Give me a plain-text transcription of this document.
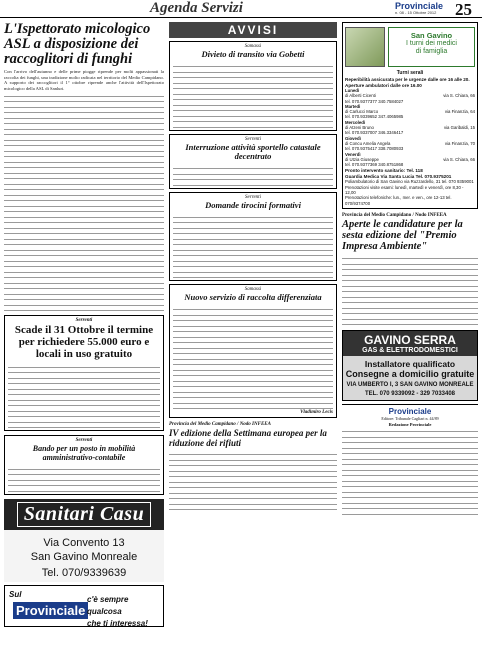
Agenda Servizi	Provinciale
n. 08 - 15 Ottobre 2012 25
L'Ispettorato micologico ASL a disposizione dei raccoglitori di funghi
Con l'arrivo dell'autunno e delle prime piogge riprende per molti appassionati la raccolta dei funghi, una tradizione molto radicata nel territorio del Medio Campidano. A supporto dei raccoglitori il 1° ottobre riprende anche l'attività dell'Ispettorato micologico della ASL di Sanluri.
Serrenti
Scade il 31 Ottobre il termine per richiedere 55.000 euro e locali in uso gratuito
Serrenti
Bando per un posto in mobilità amministrativo-contabile
Sanitari Casu
Via Convento 13
San Gavino Monreale
Tel. 070/9339639
Sul
Provinciale
c'è sempre qualcosa
che ti interessa!
AVVISI
Samassi
Divieto di transito via Gobetti
Serrenti
Interruzione attività sportello catastale decentrato
Serrenti
Domande tirocini formativi
Samassi
Nuovo servizio di raccolta differenziata
Vladimiro Lecis
Provincia del Medio Campidano / Nodo INFEEA
IV edizione della Settimana europea per la riduzione dei rifiuti
San Gavino
I turni dei medici
di famiglia
Turni serali
Reperibilità assicurata per le urgenze dalle ore 16 alle 20. Aperture ambulatori dalle ore 16.00
Lunedì
di Alberti Cicenti	via S. Chiara, 66
tel. 070.9377377 340.7584027
Martedì
di Carlucci Marco	via Finanzia, 64
tel. 070.9339652 347.4065985
Mercoledì
di Atzeni Bruno	via Garibaldi, 15
tel. 070.9337007 346.3346417
Giovedì
di Concu Amelia Angela	via Finanzia, 70
tel. 070.9375417 338.7080933
Venerdì
di Utzia Giuseppe	via S. Chiara, 66
tel. 070.9377369 340.8751868
Pronto intervento sanitario: Tel. 118
Guardia Medica Via Santa Lucia Tel. 070.9375201
Poliambulatorio di San Gavino via Ruzzardello, 31 tel. 070 9359001
Prenotazioni visite esami: lunedì, martedì e venerdì, ore 8,30 - 12,00
Prenotazioni telefoniche: lun., mer. e ven., ore 12-13 tel. 070/9374700
Provincia del Medio Campidano / Nodo INFEEA
Aperte le candidature per la sesta edizione del "Premio Impresa Ambiente"
GAVINO SERRA
GAS & ELETTRODOMESTICI
Installatore qualificato
Consegne a domicilio gratuite
VIA UMBERTO I, 3 SAN GAVINO MONREALE
TEL. 070 9339092 - 329 7033408
Provinciale
Editore: Tribunale Cagliari n. 44/89
Redazione Provinciale
